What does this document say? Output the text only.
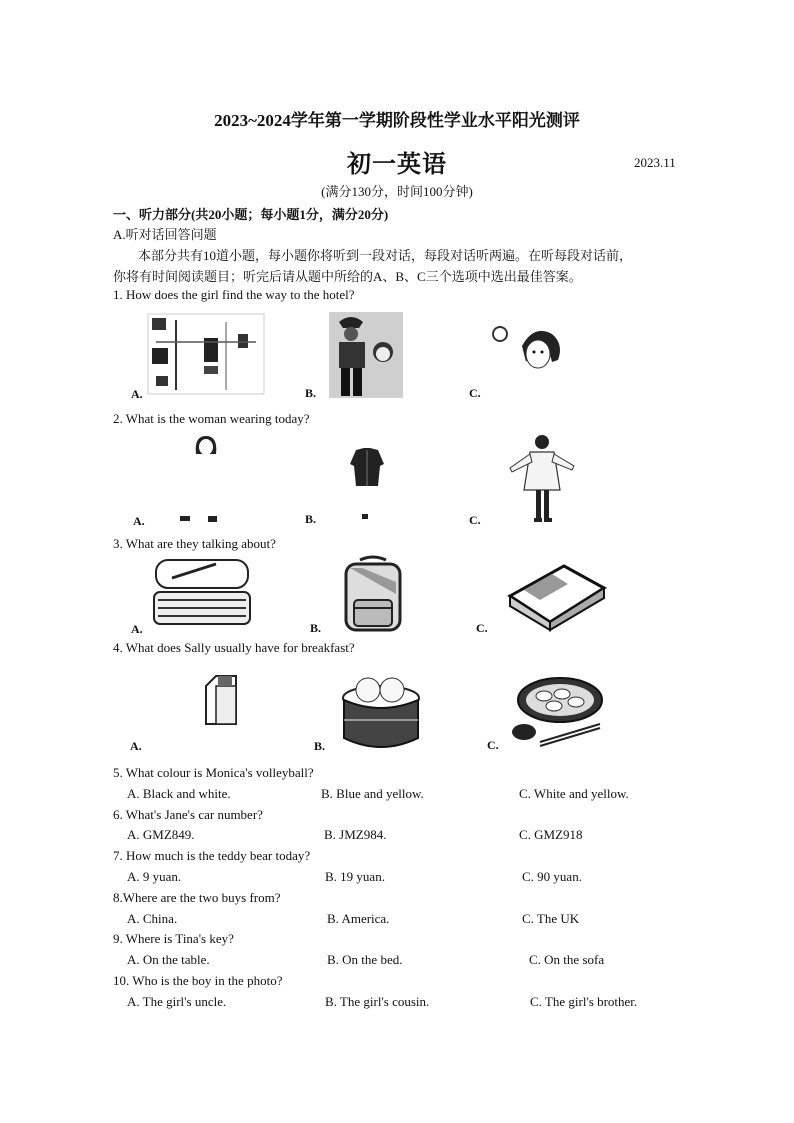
2023~2024学年第一学期阶段性学业水平阳光测评
初一英语	2023.11
(满分130分，时间100分钟)
一、听力部分(共20小题；每小题1分，满分20分)
A.听对话回答问题
本部分共有10道小题，每小题你将听到一段对话，每段对话听两遍。在听每段对话前，
你将有时间阅读题目；听完后请从题中所给的A、B、C三个选项中选出最佳答案。
1. How does the girl find the way to the hotel?
A.	B.	C.
2. What is the woman wearing today?
A.	B.	C.
3. What are they talking about?
A.	B.	C.
4. What does Sally usually have for breakfast?
A.	B.	C.
5. What colour is Monica's volleyball?
A. Black and white.	B. Blue and yellow.	C. White and yellow.
6. What's Jane's car number?
A. GMZ849.	B. JMZ984.	C. GMZ918
7. How much is the teddy bear today?
A. 9 yuan.	B. 19 yuan.	C. 90 yuan.
8.Where are the two buys from?
A. China.	B. America.	C. The UK
9. Where is Tina's key?
A. On the table.	B. On the bed.	C. On the sofa
10. Who is the boy in the photo?
A. The girl's uncle.	B. The girl's cousin.	C. The girl's brother.
